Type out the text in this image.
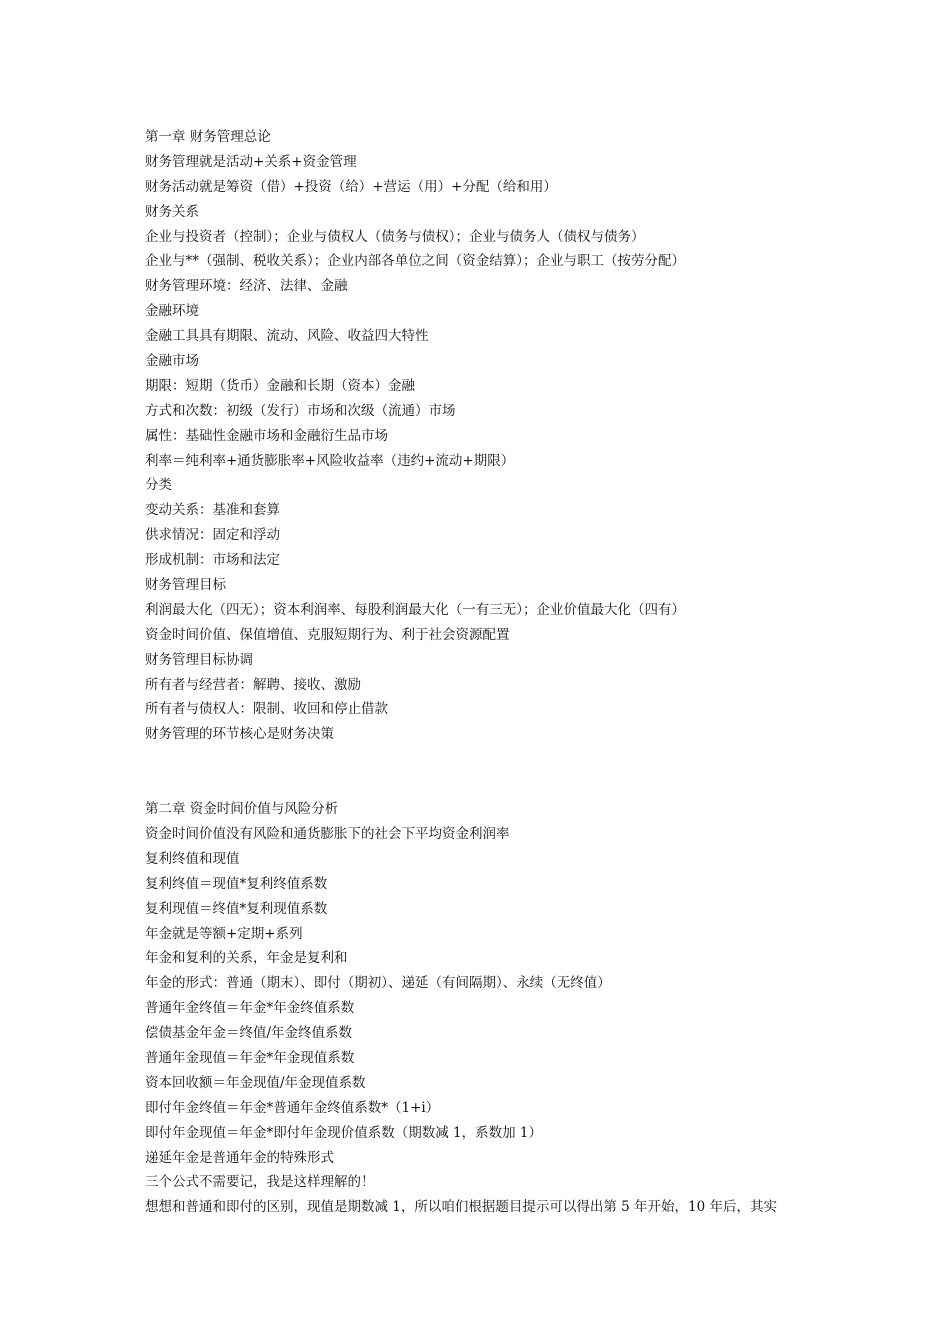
第一章 财务管理总论
财务管理就是活动+关系+资金管理
财务活动就是筹资（借）+投资（给）+营运（用）+分配（给和用）
财务关系
企业与投资者（控制）；企业与债权人（债务与债权）；企业与债务人（债权与债务）
企业与**（强制、税收关系）；企业内部各单位之间（资金结算）；企业与职工（按劳分配）
财务管理环境：经济、法律、金融
金融环境
金融工具具有期限、流动、风险、收益四大特性
金融市场
期限：短期（货币）金融和长期（资本）金融
方式和次数：初级（发行）市场和次级（流通）市场
属性：基础性金融市场和金融衍生品市场
利率＝纯利率+通货膨胀率+风险收益率（违约+流动+期限）
分类
变动关系：基准和套算
供求情况：固定和浮动
形成机制：市场和法定
财务管理目标
利润最大化（四无）；资本利润率、每股利润最大化（一有三无）；企业价值最大化（四有）
资金时间价值、保值增值、克服短期行为、利于社会资源配置
财务管理目标协调
所有者与经营者：解聘、接收、激励
所有者与债权人：限制、收回和停止借款
财务管理的环节核心是财务决策
第二章 资金时间价值与风险分析
资金时间价值没有风险和通货膨胀下的社会下平均资金利润率
复利终值和现值
复利终值＝现值*复利终值系数
复利现值＝终值*复利现值系数
年金就是等额+定期+系列
年金和复利的关系，年金是复利和
年金的形式：普通（期末）、即付（期初）、递延（有间隔期）、永续（无终值）
普通年金终值＝年金*年金终值系数
偿债基金年金＝终值/年金终值系数
普通年金现值＝年金*年金现值系数
资本回收额＝年金现值/年金现值系数
即付年金终值＝年金*普通年金终值系数*（1+i）
即付年金现值＝年金*即付年金现价值系数（期数减 1，系数加 1）
递延年金是普通年金的特殊形式
三个公式不需要记，我是这样理解的！
想想和普通和即付的区别，现值是期数减 1，所以咱们根据题目提示可以得出第 5 年开始，10 年后，其实
